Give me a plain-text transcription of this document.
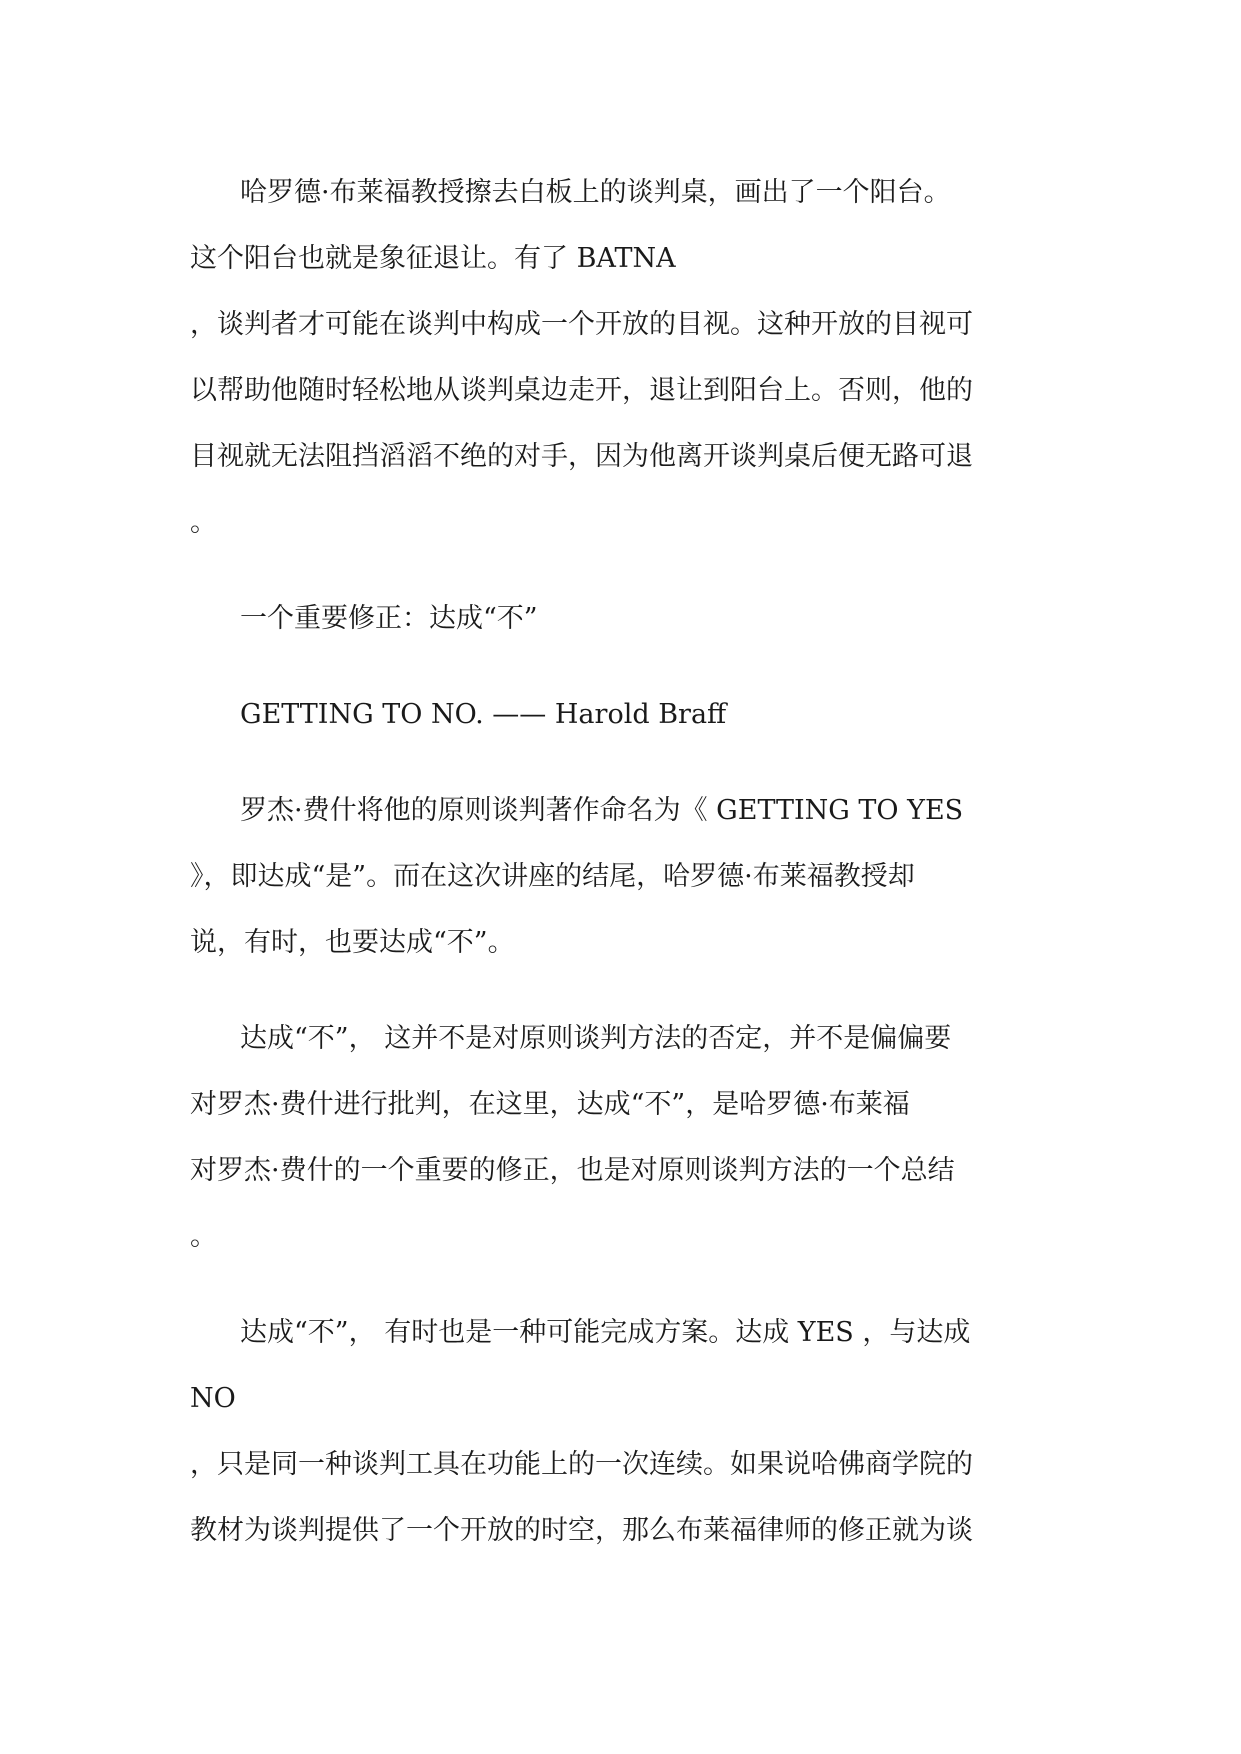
哈罗德·布莱福教授擦去白板上的谈判桌，画出了一个阳台。

这个阳台也就是象征退让。有了 BATNA

，谈判者才可能在谈判中构成一个开放的目视。这种开放的目视可

以帮助他随时轻松地从谈判桌边走开，退让到阳台上。否则，他的

目视就无法阻挡滔滔不绝的对手，因为他离开谈判桌后便无路可退

。

一个重要修正：达成“不”

GETTING TO NO. —— Harold Braff

罗杰·费什将他的原则谈判著作命名为《 GETTING TO YES

》，即达成“是”。而在这次讲座的结尾，哈罗德·布莱福教授却

说，有时，也要达成“不”。

达成“不”， 这并不是对原则谈判方法的否定，并不是偏偏要

对罗杰·费什进行批判，在这里，达成“不”，是哈罗德·布莱福

对罗杰·费什的一个重要的修正，也是对原则谈判方法的一个总结

。

达成“不”， 有时也是一种可能完成方案。达成 YES ，与达成

NO

，只是同一种谈判工具在功能上的一次连续。如果说哈佛商学院的

教材为谈判提供了一个开放的时空，那么布莱福律师的修正就为谈
